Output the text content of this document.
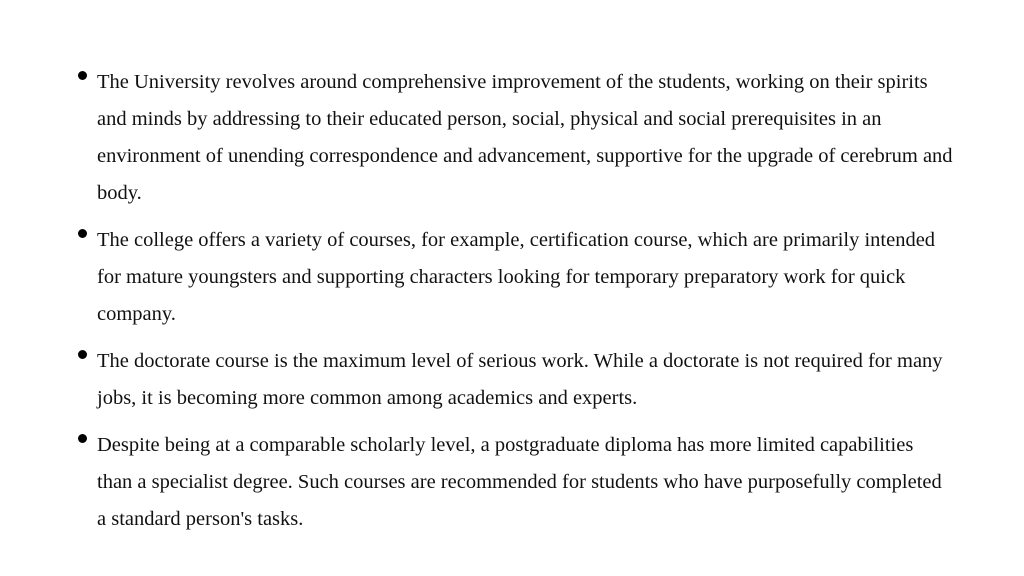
The University revolves around comprehensive improvement of the students, working on their spirits and minds by addressing to their educated person, social, physical and social prerequisites in an environment of unending correspondence and advancement, supportive for the upgrade of cerebrum and body.
The college offers a variety of courses, for example, certification course, which are primarily intended for mature youngsters and supporting characters looking for temporary preparatory work for quick company.
The doctorate course is the maximum level of serious work. While a doctorate is not required for many jobs, it is becoming more common among academics and experts.
Despite being at a comparable scholarly level, a postgraduate diploma has more limited capabilities than a specialist degree. Such courses are recommended for students who have purposefully completed a standard person's tasks.
